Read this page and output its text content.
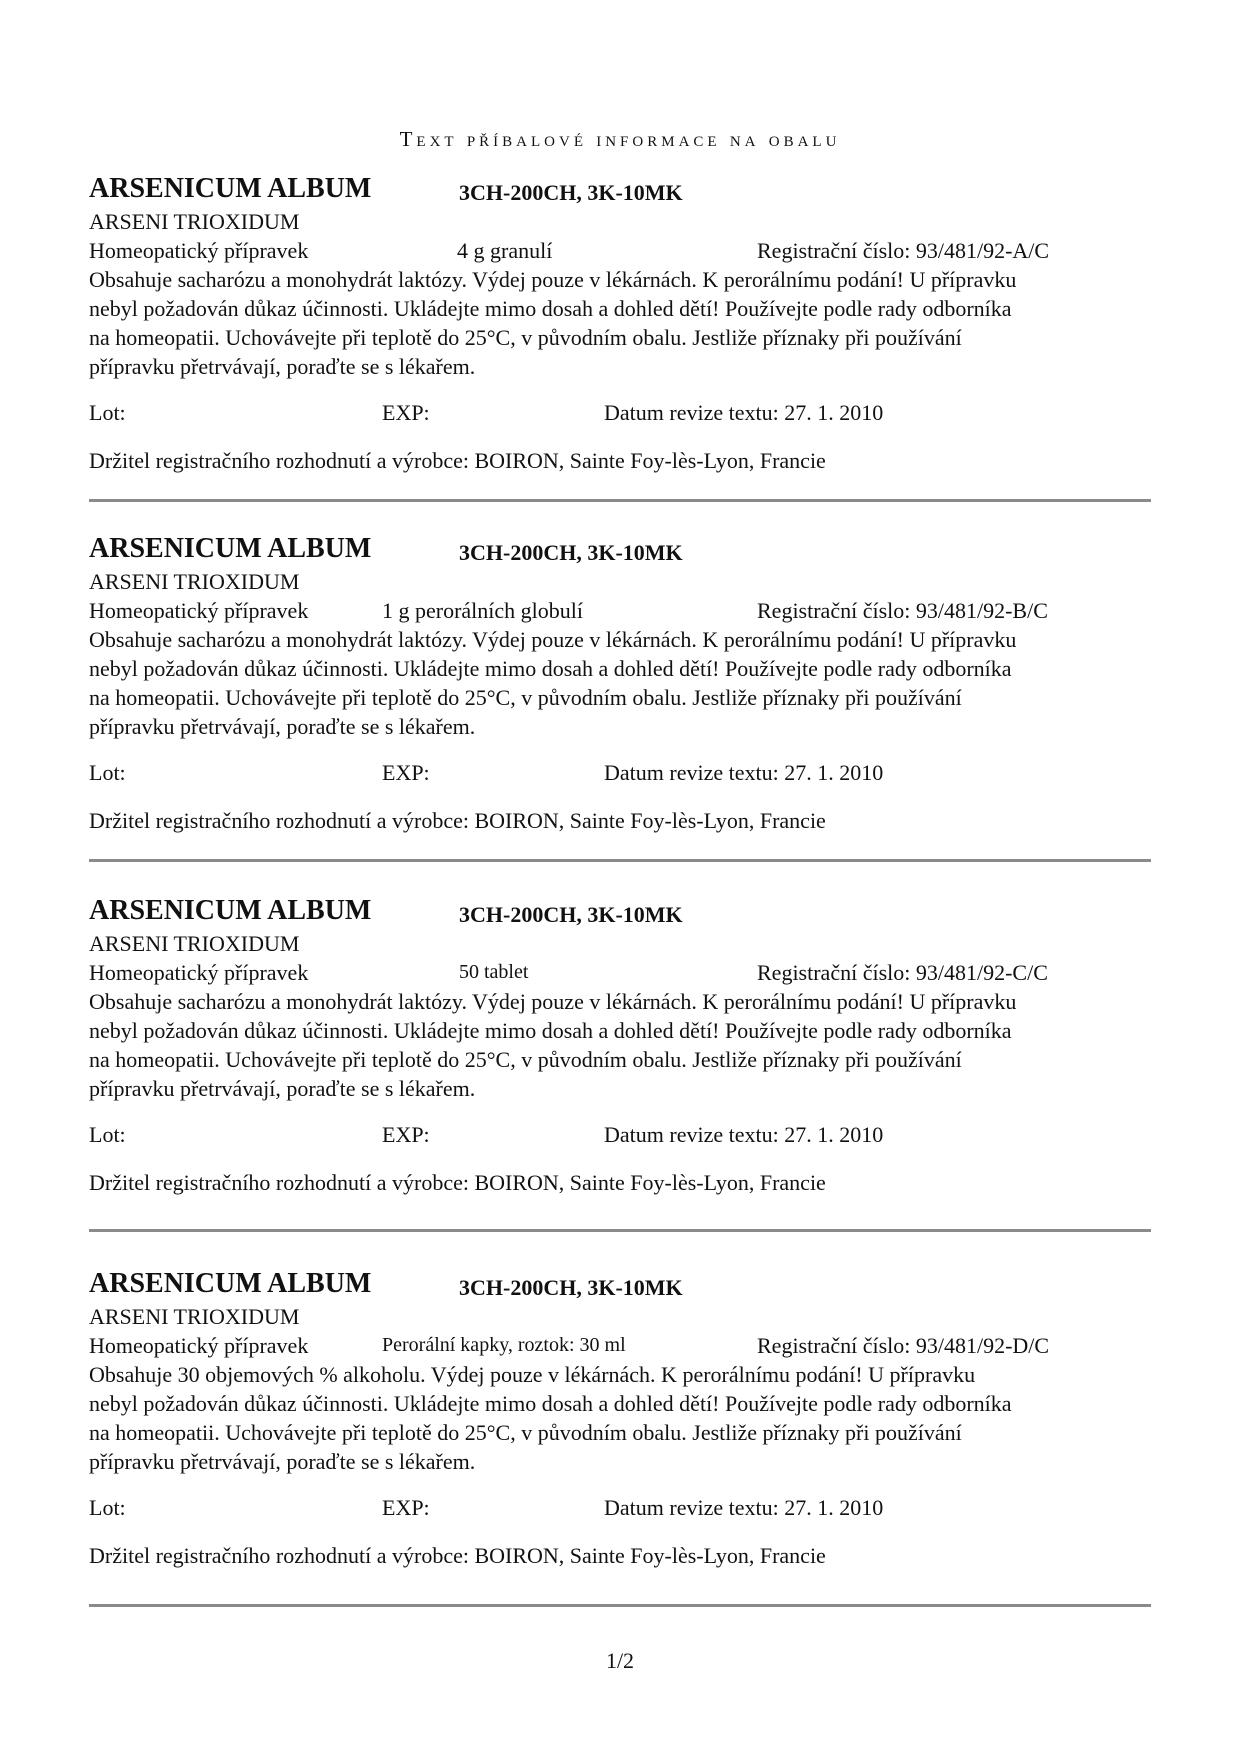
Text příbalové informace na obalu
ARSENICUM ALBUM	3CH-200CH, 3K-10MK
ARSENI TRIOXIDUM
Homeopatický přípravek	4 g granulí	Registrační číslo: 93/481/92-A/C
Obsahuje sacharózu a monohydrát laktózy. Výdej pouze v lékárnách. K perorálnímu podání! U přípravku
nebyl požadován důkaz účinnosti. Ukládejte mimo dosah a dohled dětí! Používejte podle rady odborníka
na homeopatii. Uchovávejte při teplotě do 25°C, v původním obalu. Jestliže příznaky při používání
přípravku přetrvávají, poraďte se s lékařem.
Lot:	EXP:	Datum revize textu: 27. 1. 2010
Držitel registračního rozhodnutí a výrobce: BOIRON, Sainte Foy-lès-Lyon, Francie
ARSENICUM ALBUM	3CH-200CH, 3K-10MK
ARSENI TRIOXIDUM
Homeopatický přípravek	1 g perorálních globulí	Registrační číslo: 93/481/92-B/C
Obsahuje sacharózu a monohydrát laktózy. Výdej pouze v lékárnách. K perorálnímu podání! U přípravku
nebyl požadován důkaz účinnosti. Ukládejte mimo dosah a dohled dětí! Používejte podle rady odborníka
na homeopatii. Uchovávejte při teplotě do 25°C, v původním obalu. Jestliže příznaky při používání
přípravku přetrvávají, poraďte se s lékařem.
Lot:	EXP:	Datum revize textu: 27. 1. 2010
Držitel registračního rozhodnutí a výrobce: BOIRON, Sainte Foy-lès-Lyon, Francie
ARSENICUM ALBUM	3CH-200CH, 3K-10MK
ARSENI TRIOXIDUM
Homeopatický přípravek	50 tablet	Registrační číslo: 93/481/92-C/C
Obsahuje sacharózu a monohydrát laktózy. Výdej pouze v lékárnách. K perorálnímu podání! U přípravku
nebyl požadován důkaz účinnosti. Ukládejte mimo dosah a dohled dětí! Používejte podle rady odborníka
na homeopatii. Uchovávejte při teplotě do 25°C, v původním obalu. Jestliže příznaky při používání
přípravku přetrvávají, poraďte se s lékařem.
Lot:	EXP:	Datum revize textu: 27. 1. 2010
Držitel registračního rozhodnutí a výrobce: BOIRON, Sainte Foy-lès-Lyon, Francie
ARSENICUM ALBUM	3CH-200CH, 3K-10MK
ARSENI TRIOXIDUM
Homeopatický přípravek	Perorální kapky, roztok: 30 ml	Registrační číslo: 93/481/92-D/C
Obsahuje 30 objemových % alkoholu. Výdej pouze v lékárnách. K perorálnímu podání! U přípravku
nebyl požadován důkaz účinnosti. Ukládejte mimo dosah a dohled dětí! Používejte podle rady odborníka
na homeopatii. Uchovávejte při teplotě do 25°C, v původním obalu. Jestliže příznaky při používání
přípravku přetrvávají, poraďte se s lékařem.
Lot:	EXP:	Datum revize textu: 27. 1. 2010
Držitel registračního rozhodnutí a výrobce: BOIRON, Sainte Foy-lès-Lyon, Francie
1/2
